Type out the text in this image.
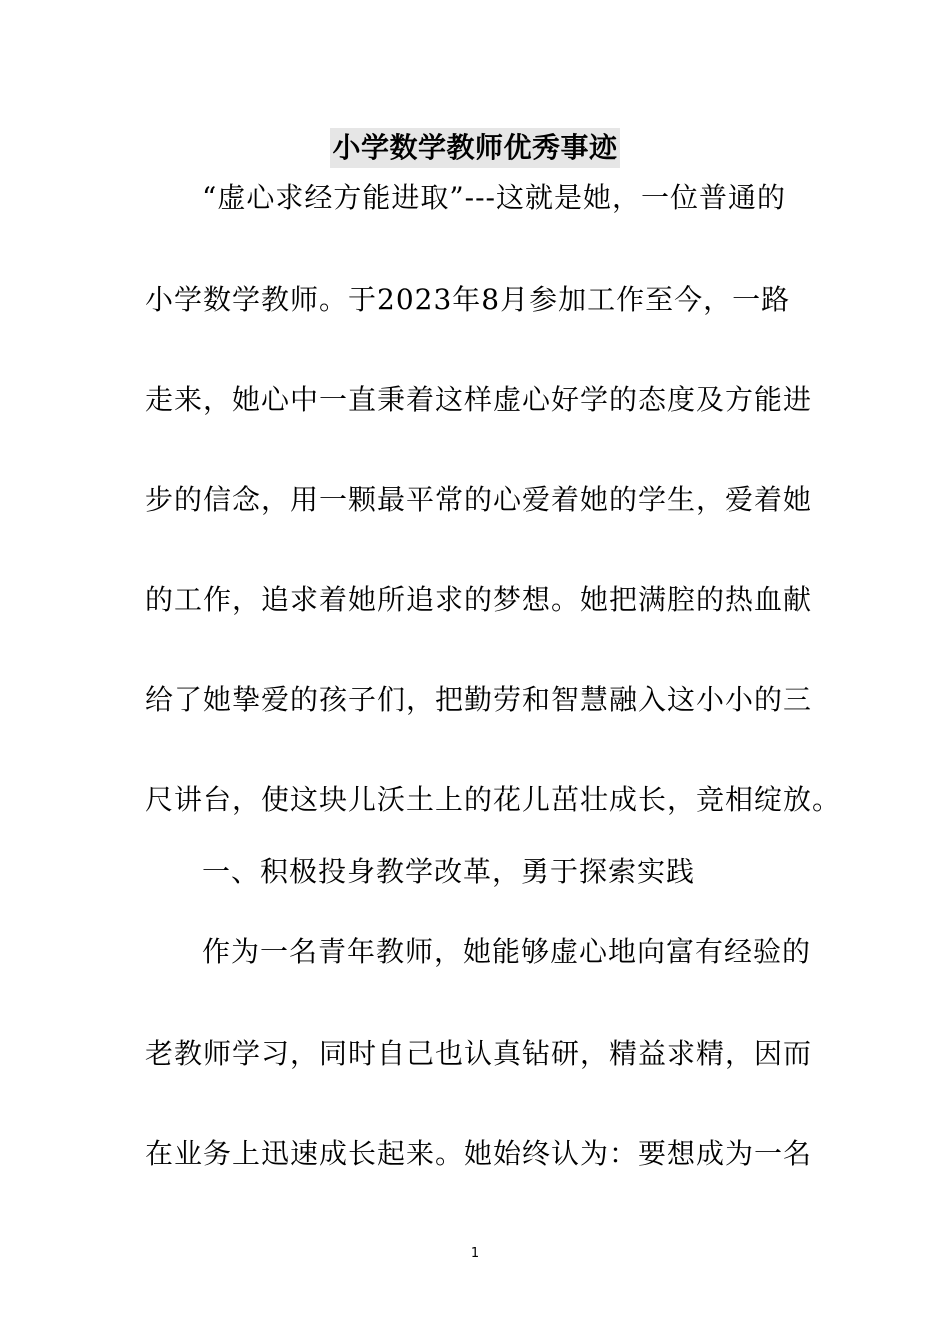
小学数学教师优秀事迹
“虚心求经方能进取”---这就是她，一位普通的
小学数学教师。于2023年8月参加工作至今，一路
走来，她心中一直秉着这样虚心好学的态度及方能进
步的信念，用一颗最平常的心爱着她的学生，爱着她
的工作，追求着她所追求的梦想。她把满腔的热血献
给了她挚爱的孩子们，把勤劳和智慧融入这小小的三
尺讲台，使这块儿沃土上的花儿茁壮成长，竞相绽放。
一、积极投身教学改革，勇于探索实践
作为一名青年教师，她能够虚心地向富有经验的
老教师学习，同时自己也认真钻研，精益求精，因而
在业务上迅速成长起来。她始终认为：要想成为一名
1
